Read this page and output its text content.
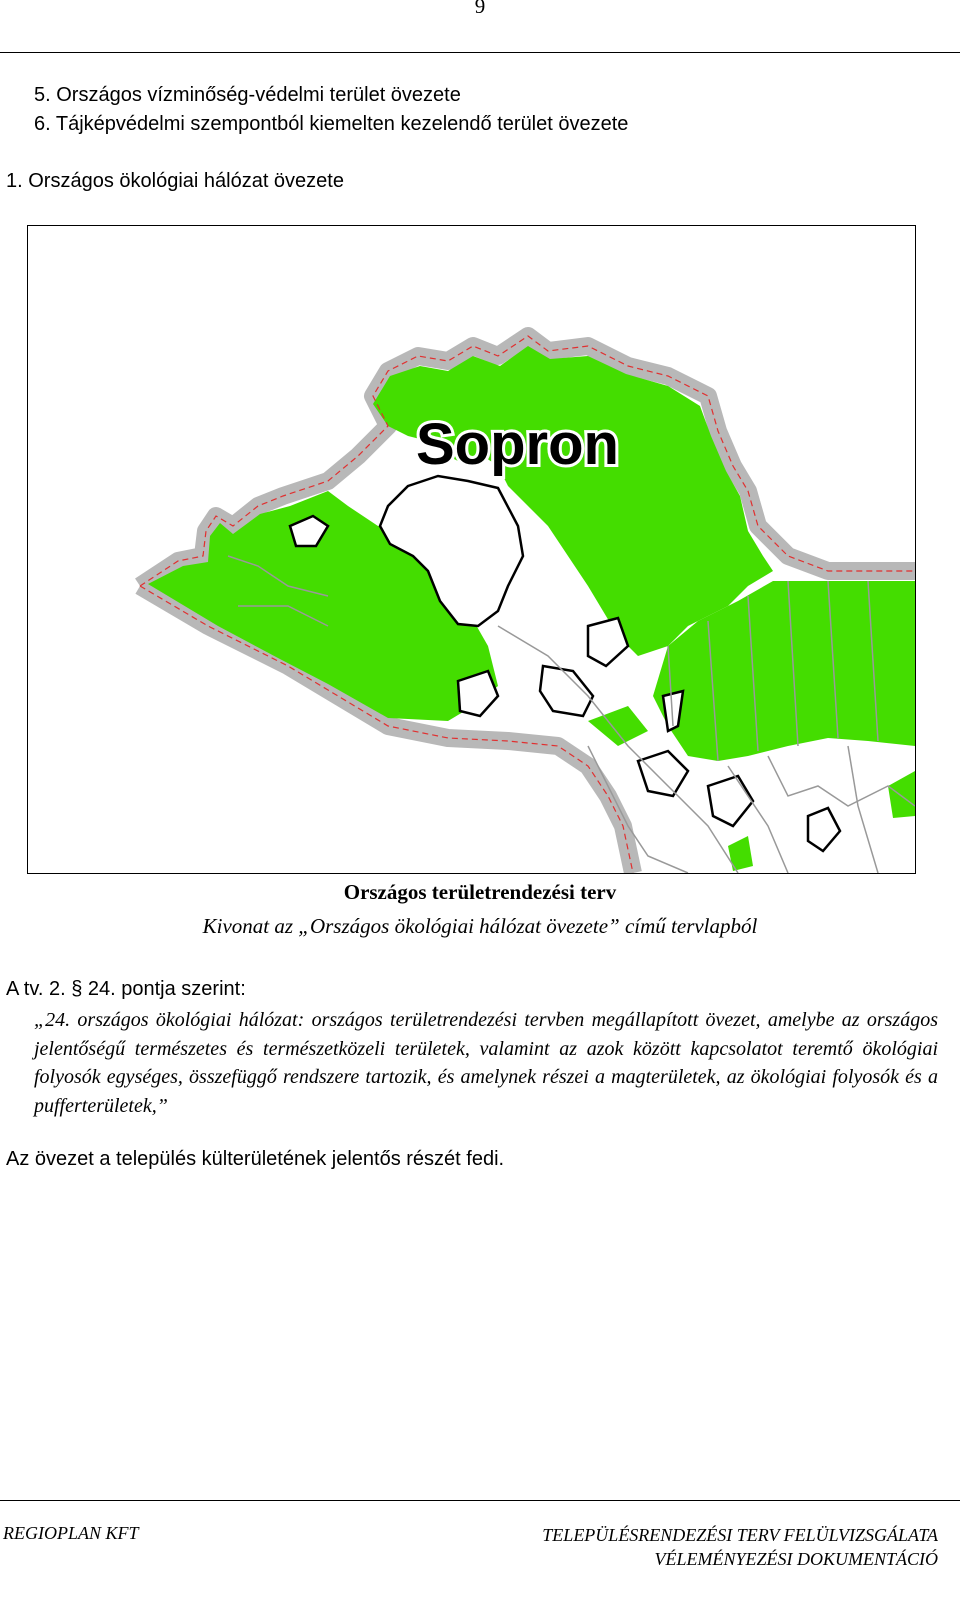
9
5. Országos vízminőség-védelmi terület övezete
6. Tájképvédelmi szempontból kiemelten kezelendő terület övezete
1. Országos ökológiai hálózat övezete
Sopron
Országos területrendezési terv
Kivonat az „Országos ökológiai hálózat övezete” című tervlapból
A tv. 2. § 24. pontja szerint:
„24. országos ökológiai hálózat: országos területrendezési tervben megállapított övezet, amelybe az országos jelentőségű természetes és természetközeli területek, valamint az azok között kapcsolatot teremtő ökológiai folyosók egységes, összefüggő rendszere tartozik, és amelynek részei a magterületek, az ökológiai folyosók és a pufferterületek,”
Az övezet a település külterületének jelentős részét fedi.
REGIOPLAN KFT	TELEPÜLÉSRENDEZÉSI TERV FELÜLVIZSGÁLATA
VÉLEMÉNYEZÉSI DOKUMENTÁCIÓ
